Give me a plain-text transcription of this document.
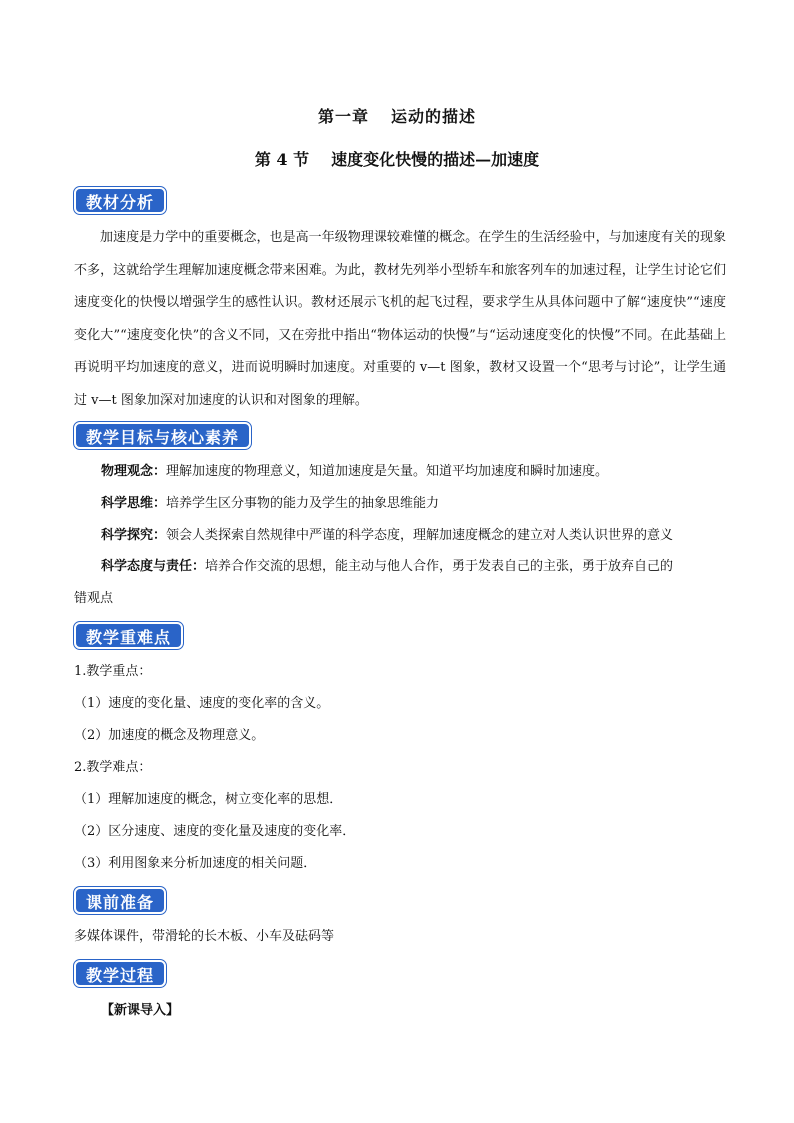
第一章 运动的描述
第 4 节 速度变化快慢的描述—加速度
教材分析

加速度是力学中的重要概念，也是高一年级物理课较难懂的概念。在学生的生活经验中，与加速度有关的现象不多，这就给学生理解加速度概念带来困难。为此，教材先列举小型轿车和旅客列车的加速过程，让学生讨论它们速度变化的快慢以增强学生的感性认识。教材还展示飞机的起飞过程，要求学生从具体问题中了解“速度快”“速度变化大”“速度变化快”的含义不同，又在旁批中指出“物体运动的快慢”与“运动速度变化的快慢”不同。在此基础上再说明平均加速度的意义，进而说明瞬时加速度。对重要的 v—t 图象，教材又设置一个“思考与讨论”，让学生通过 v—t 图象加深对加速度的认识和对图象的理解。

教学目标与核心素养
物理观念：理解加速度的物理意义，知道加速度是矢量。知道平均加速度和瞬时加速度。
科学思维：培养学生区分事物的能力及学生的抽象思维能力
科学探究：领会人类探索自然规律中严谨的科学态度，理解加速度概念的建立对人类认识世界的意义
科学态度与责任：培养合作交流的思想，能主动与他人合作，勇于发表自己的主张，勇于放弃自己的
错观点
教学重难点
1.教学重点：
（1）速度的变化量、速度的变化率的含义。
（2）加速度的概念及物理意义。
2.教学难点：
（1）理解加速度的概念，树立变化率的思想．
（2）区分速度、速度的变化量及速度的变化率．
（3）利用图象来分析加速度的相关问题．
课前准备
多媒体课件，带滑轮的长木板、小车及砝码等
教学过程
【新课导入】
